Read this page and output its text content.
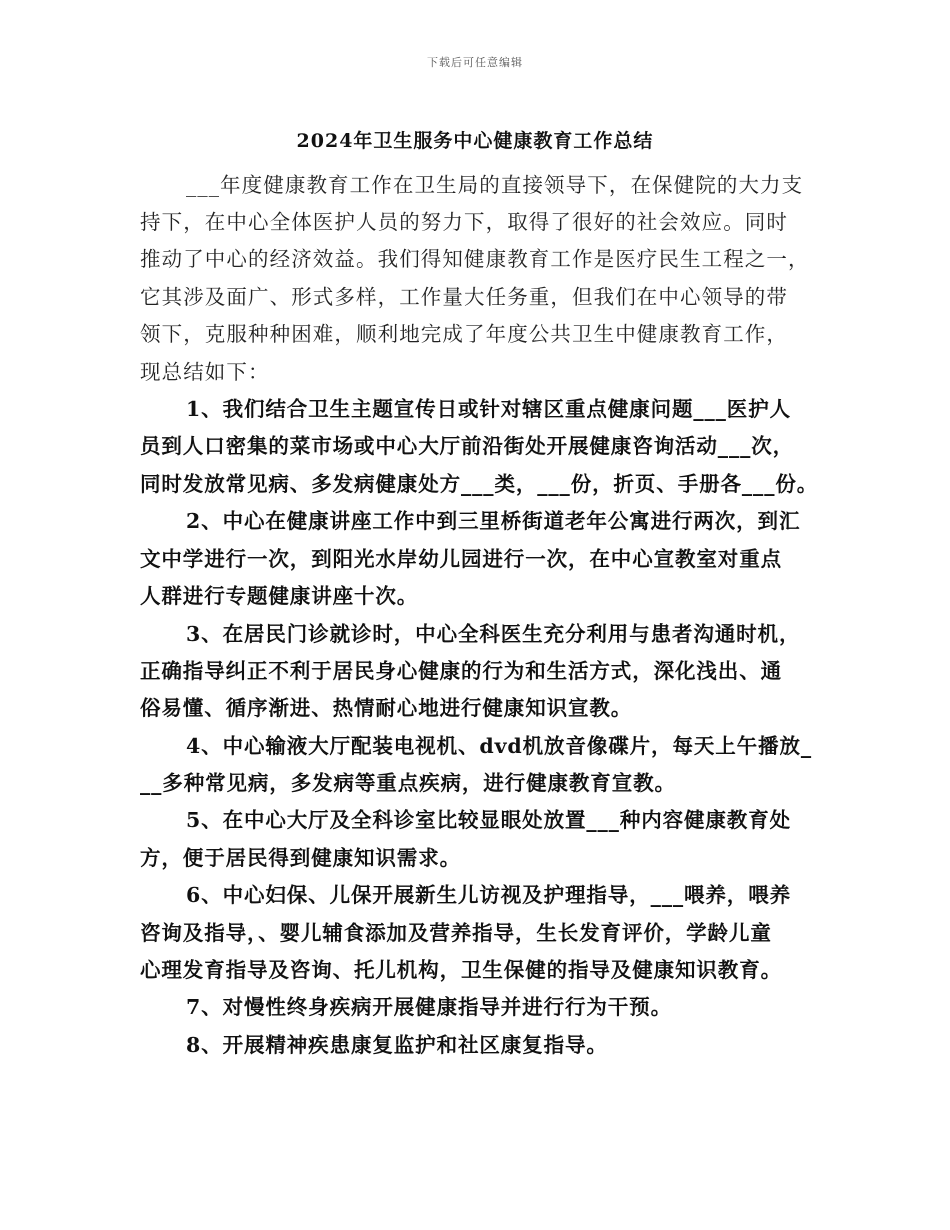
下载后可任意编辑
2024年卫生服务中心健康教育工作总结
___年度健康教育工作在卫生局的直接领导下，在保健院的大力支
持下，在中心全体医护人员的努力下，取得了很好的社会效应。同时
推动了中心的经济效益。我们得知健康教育工作是医疗民生工程之一，
它其涉及面广、形式多样，工作量大任务重，但我们在中心领导的带
领下，克服种种困难，顺利地完成了年度公共卫生中健康教育工作，
现总结如下：
1、我们结合卫生主题宣传日或针对辖区重点健康问题___医护人
员到人口密集的菜市场或中心大厅前沿街处开展健康咨询活动___次，
同时发放常见病、多发病健康处方___类，___份，折页、手册各___份。
2、中心在健康讲座工作中到三里桥街道老年公寓进行两次，到汇
文中学进行一次，到阳光水岸幼儿园进行一次，在中心宣教室对重点
人群进行专题健康讲座十次。
3、在居民门诊就诊时，中心全科医生充分利用与患者沟通时机，
正确指导纠正不利于居民身心健康的行为和生活方式，深化浅出、通
俗易懂、循序渐进、热情耐心地进行健康知识宣教。
4、中心输液大厅配装电视机、dvd机放音像碟片，每天上午播放_
__多种常见病，多发病等重点疾病，进行健康教育宣教。
5、在中心大厅及全科诊室比较显眼处放置___种内容健康教育处
方，便于居民得到健康知识需求。
6、中心妇保、儿保开展新生儿访视及护理指导，___喂养，喂养
咨询及指导，、婴儿辅食添加及营养指导，生长发育评价，学龄儿童
心理发育指导及咨询、托儿机构，卫生保健的指导及健康知识教育。
7、对慢性终身疾病开展健康指导并进行行为干预。
8、开展精神疾患康复监护和社区康复指导。
